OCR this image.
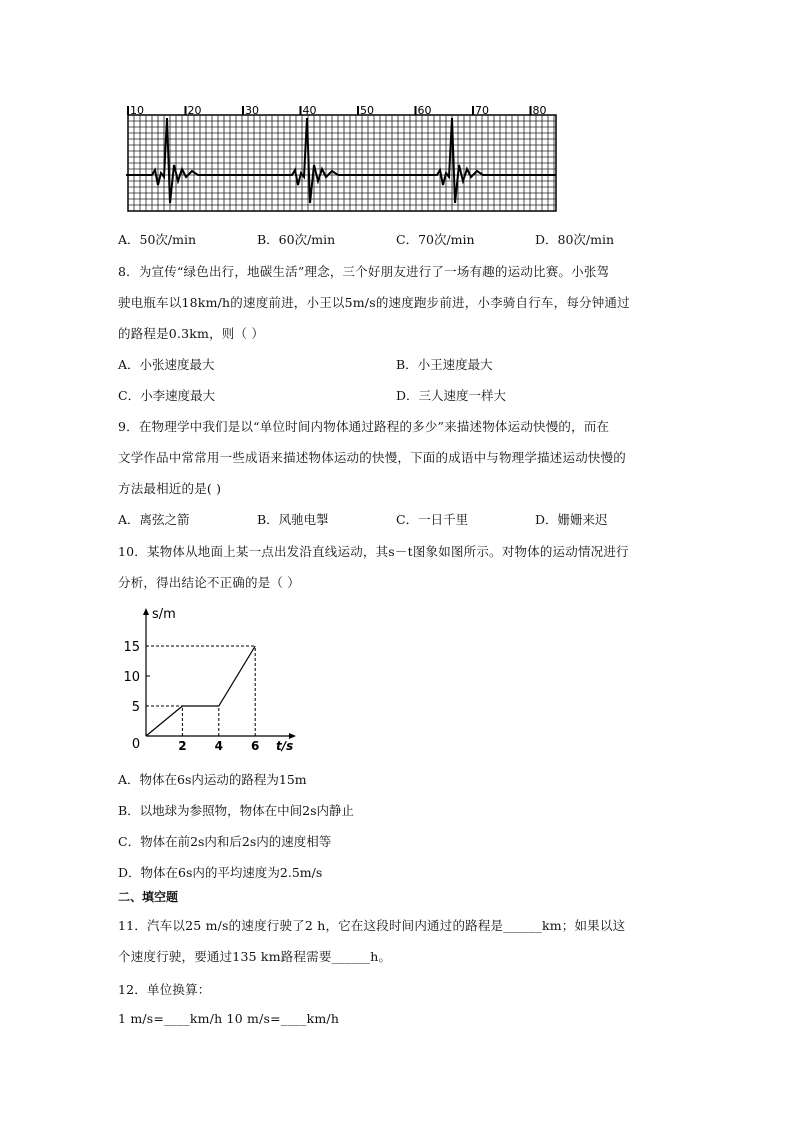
10	20	30	40	50	60	70	80
A．50次/min	B．60次/min	C．70次/min	D．80次/min
8．为宣传“绿色出行，地碳生活”理念，三个好朋友进行了一场有趣的运动比赛。小张驾
驶电瓶车以18km/h的速度前进，小王以5m/s的速度跑步前进，小李骑自行车，每分钟通过
的路程是0.3km，则（ ）
A．小张速度最大	B．小王速度最大
C．小李速度最大	D．三人速度一样大
9．在物理学中我们是以“单位时间内物体通过路程的多少”来描述物体运动快慢的，而在
文学作品中常常用一些成语来描述物体运动的快慢，下面的成语中与物理学描述运动快慢的
方法最相近的是( )
A．离弦之箭	B．风驰电掣	C．一日千里	D．姗姗来迟
10．某物体从地面上某一点出发沿直线运动，其s－t图象如图所示。对物体的运动情况进行
分析，得出结论不正确的是（ ）
s/m
t/s
0
5
10
15
2 4 6
A．物体在6s内运动的路程为15m
B．以地球为参照物，物体在中间2s内静止
C．物体在前2s内和后2s内的速度相等
D．物体在6s内的平均速度为2.5m/s
二、填空题
11．汽车以25 m/s的速度行驶了2 h，它在这段时间内通过的路程是______km；如果以这
个速度行驶，要通过135 km路程需要______h。
12．单位换算：
1 m/s=____km/h 10 m/s=____km/h
